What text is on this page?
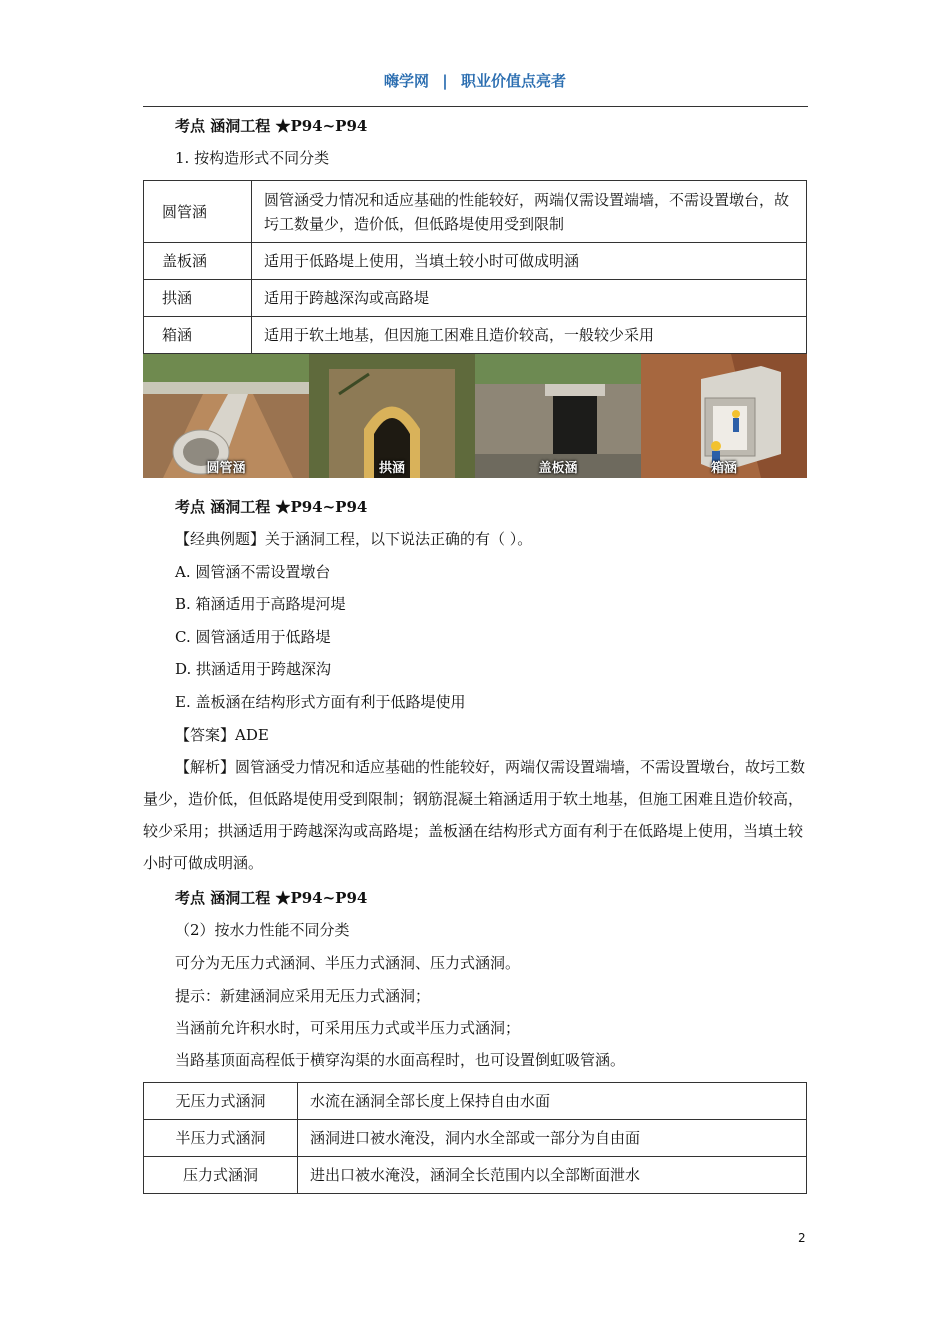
嗨学网 | 职业价值点亮者
考点 涵洞工程 ★P94~P94
1. 按构造形式不同分类
圆管涵	圆管涵受力情况和适应基础的性能较好，两端仅需设置端墙，不需设置墩台，故圬工数量少，造价低，但低路堤使用受到限制
盖板涵	适用于低路堤上使用，当填土较小时可做成明涵
拱涵	适用于跨越深沟或高路堤
箱涵	适用于软土地基，但因施工困难且造价较高，一般较少采用
圆管涵	拱涵	盖板涵	箱涵
考点 涵洞工程 ★P94~P94
【经典例题】关于涵洞工程，以下说法正确的有（ ）。
A. 圆管涵不需设置墩台
B. 箱涵适用于高路堤河堤
C. 圆管涵适用于低路堤
D. 拱涵适用于跨越深沟
E. 盖板涵在结构形式方面有利于低路堤使用
【答案】ADE
【解析】圆管涵受力情况和适应基础的性能较好，两端仅需设置端墙，不需设置墩台，故圬工数量少，造价低，但低路堤使用受到限制；钢筋混凝土箱涵适用于软土地基，但施工困难且造价较高，较少采用；拱涵适用于跨越深沟或高路堤；盖板涵在结构形式方面有利于在低路堤上使用，当填土较小时可做成明涵。
考点 涵洞工程 ★P94~P94
（2）按水力性能不同分类
可分为无压力式涵洞、半压力式涵洞、压力式涵洞。
提示：新建涵洞应采用无压力式涵洞；
当涵前允许积水时，可采用压力式或半压力式涵洞；
当路基顶面高程低于横穿沟渠的水面高程时，也可设置倒虹吸管涵。
无压力式涵洞	水流在涵洞全部长度上保持自由水面
半压力式涵洞	涵洞进口被水淹没，洞内水全部或一部分为自由面
压力式涵洞	进出口被水淹没，涵洞全长范围内以全部断面泄水
2
